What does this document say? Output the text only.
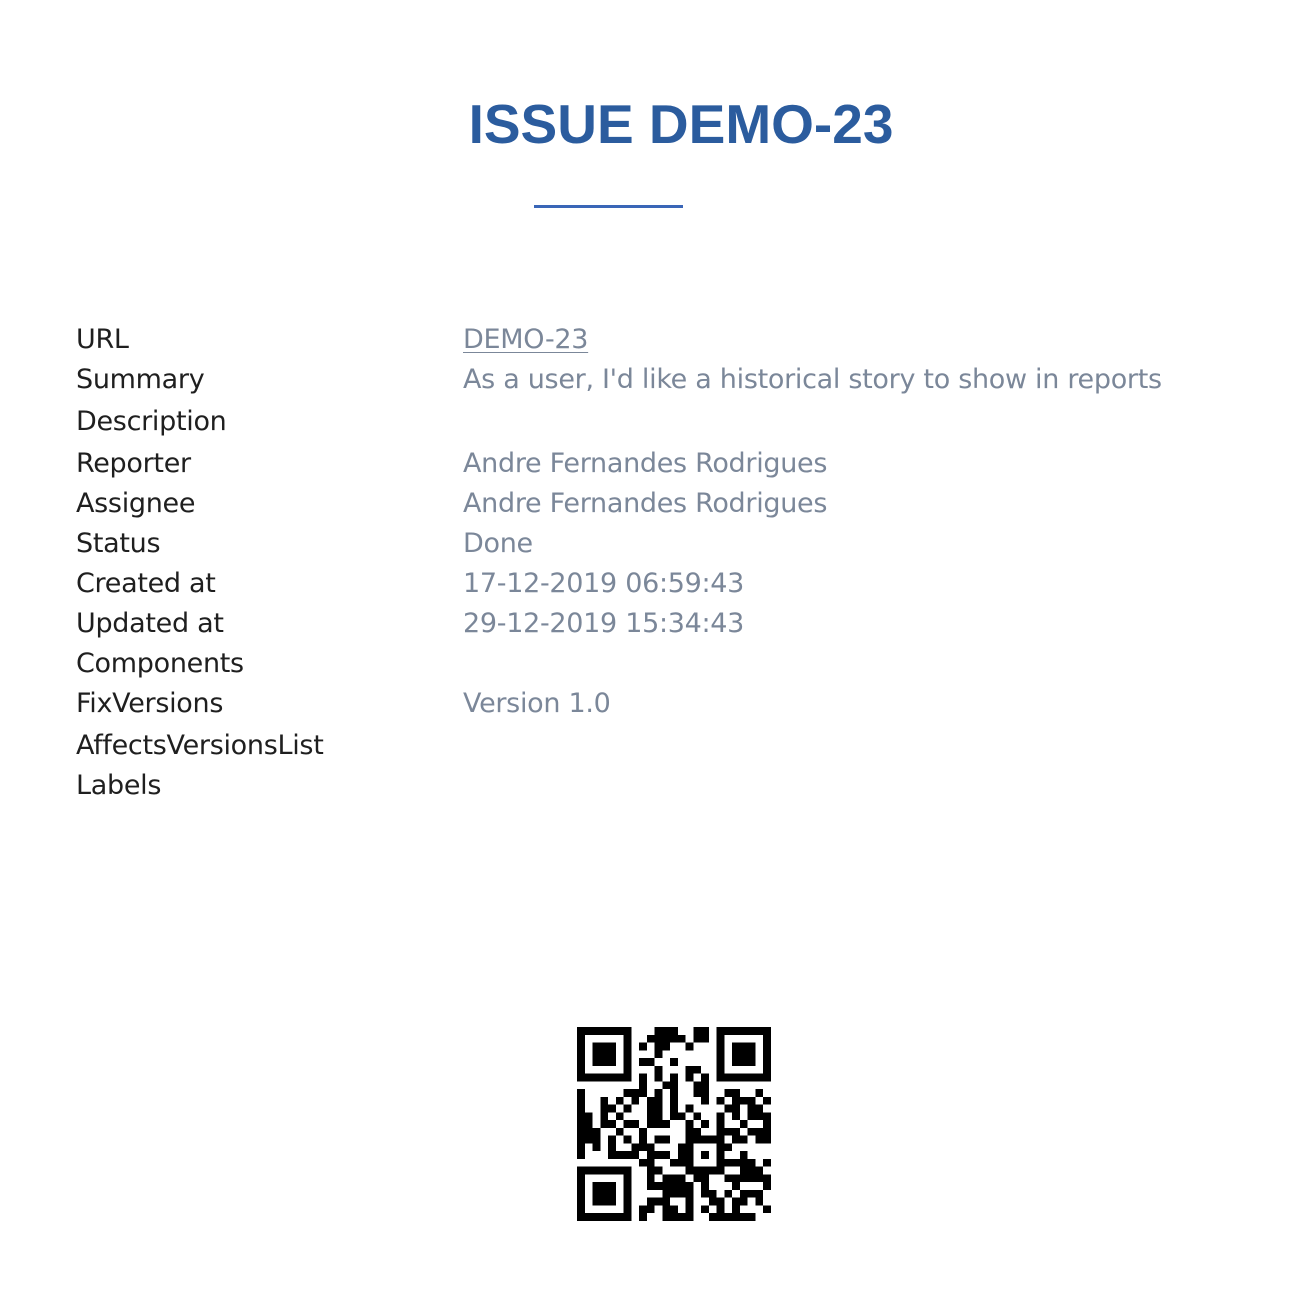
ISSUE DEMO-23
URL	DEMO-23
Summary	As a user, I'd like a historical story to show in reports
Description
Reporter	Andre Fernandes Rodrigues
Assignee	Andre Fernandes Rodrigues
Status	Done
Created at	17-12-2019 06:59:43
Updated at	29-12-2019 15:34:43
Components
FixVersions	Version 1.0
AffectsVersionsList
Labels
